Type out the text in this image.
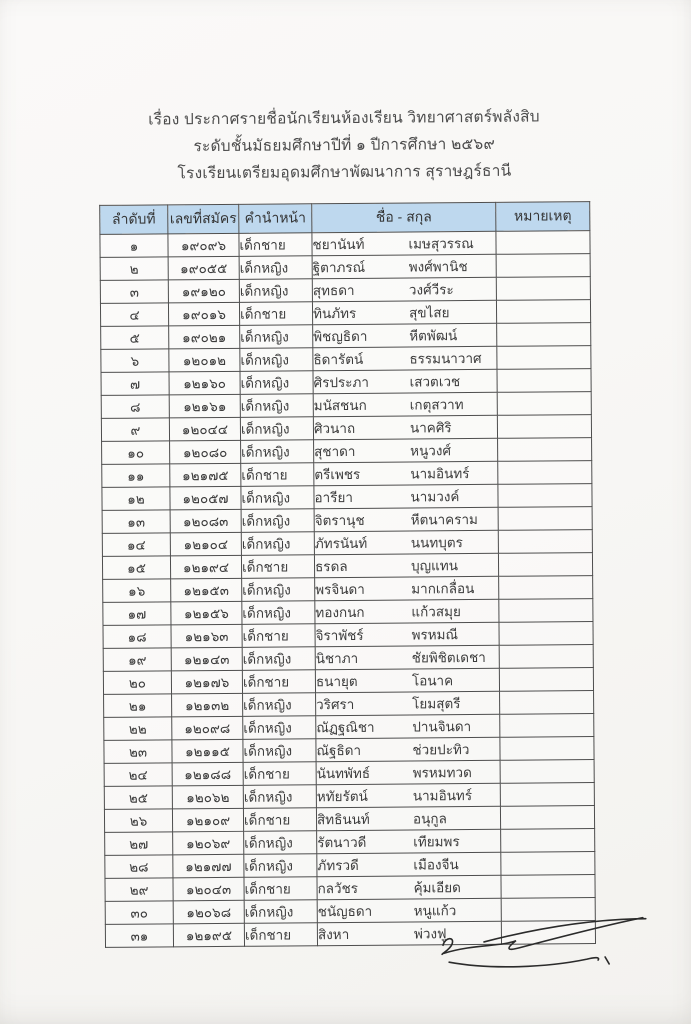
เรื่อง ประกาศรายชื่อนักเรียนห้องเรียน วิทยาศาสตร์พลังสิบ
ระดับชั้นมัธยมศึกษาปีที่ ๑ ปีการศึกษา ๒๕๖๙
โรงเรียนเตรียมอุดมศึกษาพัฒนาการ สุราษฎร์ธานี
ลำดับที่	เลขที่สมัคร	คำนำหน้า	ชื่อ - สกุล	หมายเหตุ
๑	๑๙๐๙๖	เด็กชาย	ชยานันท์ เมษสุวรรณ	
๒	๑๙๐๕๕	เด็กหญิง	ฐิตาภรณ์ พงศ์พานิช	
๓	๑๙๑๒๐	เด็กหญิง	สุทธดา วงศ์วีระ	
๔	๑๙๐๑๖	เด็กชาย	ทินภัทร สุขไสย	
๕	๑๙๐๒๑	เด็กหญิง	พิชญธิดา หีตพัฒน์	
๖	๑๒๐๑๒	เด็กหญิง	ธิดารัตน์ ธรรมนาวาศ	
๗	๑๒๑๖๐	เด็กหญิง	ศิรประภา เสวตเวช	
๘	๑๒๑๖๑	เด็กหญิง	มนัสชนก เกตุสวาท	
๙	๑๒๐๔๔	เด็กหญิง	ศิวนาถ นาคศิริ	
๑๐	๑๒๐๘๐	เด็กหญิง	สุชาดา หนูวงศ์	
๑๑	๑๒๑๗๕	เด็กชาย	ตรีเพชร นามอินทร์	
๑๒	๑๒๐๕๗	เด็กหญิง	อารียา นามวงค์	
๑๓	๑๒๐๘๓	เด็กหญิง	จิตรานุช หีตนาคราม	
๑๔	๑๒๑๐๔	เด็กหญิง	ภัทรนันท์ นนทบุตร	
๑๕	๑๒๑๙๔	เด็กชาย	ธรดล บุญแทน	
๑๖	๑๒๑๕๓	เด็กหญิง	พรจินดา มากเกลื่อน	
๑๗	๑๒๑๕๖	เด็กหญิง	ทองกนก แก้วสมุย	
๑๘	๑๒๑๖๓	เด็กชาย	จิราพัชร์ พรหมณี	
๑๙	๑๒๑๔๓	เด็กหญิง	นิชาภา ชัยพิชิตเดชา	
๒๐	๑๒๑๗๖	เด็กชาย	ธนายุต โอนาค	
๒๑	๑๒๑๓๒	เด็กหญิง	วริศรา โยมสุตรี	
๒๒	๑๒๐๙๘	เด็กหญิง	ณัฏฐณิชา ปานจินดา	
๒๓	๑๒๑๑๕	เด็กหญิง	ณัฐธิดา ช่วยปะทิว	
๒๔	๑๒๑๘๘	เด็กชาย	นันทพัทธ์ พรหมทวด	
๒๕	๑๒๐๖๒	เด็กหญิง	หทัยรัตน์ นามอินทร์	
๒๖	๑๒๑๐๙	เด็กชาย	สิทธินนท์ อนุกูล	
๒๗	๑๒๐๖๙	เด็กหญิง	รัตนาวดี เทียมพร	
๒๘	๑๒๑๗๗	เด็กหญิง	ภัทรวดี เมืองจีน	
๒๙	๑๒๐๔๓	เด็กชาย	กลวัชร คุ้มเอียด	
๓๐	๑๒๐๖๘	เด็กหญิง	ชนัญธดา หนูแก้ว	
๓๑	๑๒๑๙๕	เด็กชาย	สิงหา พ่วงฟู	
